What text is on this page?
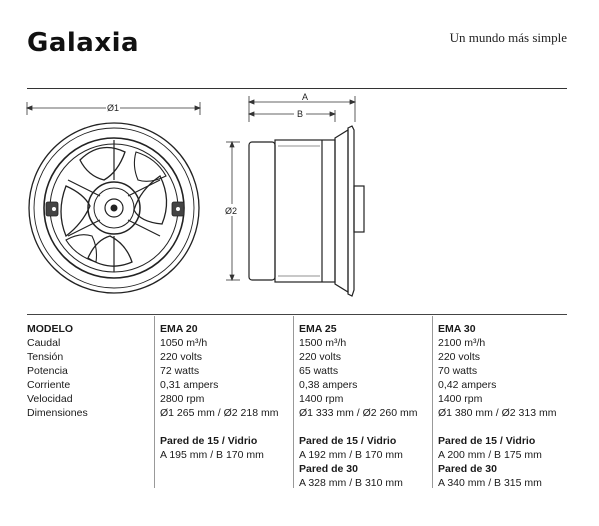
Galaxia	Un mundo más simple
Ø1
A
B
Ø2
MODELO
Caudal
Tensión
Potencia
Corriente
Velocidad
Dimensiones
EMA 20
1050 m³/h
220 volts
72 watts
0,31 ampers
2800 rpm
Ø1 265 mm / Ø2 218 mm
Pared de 15 / Vidrio
A 195 mm / B 170 mm
EMA 25
1500 m³/h
220 volts
65 watts
0,38 ampers
1400 rpm
Ø1 333 mm / Ø2 260 mm
Pared de 15 / Vidrio
A 192 mm / B 170 mm
Pared de 30
A 328 mm / B 310 mm
EMA 30
2100 m³/h
220 volts
70 watts
0,42 ampers
1400 rpm
Ø1 380 mm / Ø2 313 mm
Pared de 15 / Vidrio
A 200 mm / B 175 mm
Pared de 30
A 340 mm / B 315 mm
